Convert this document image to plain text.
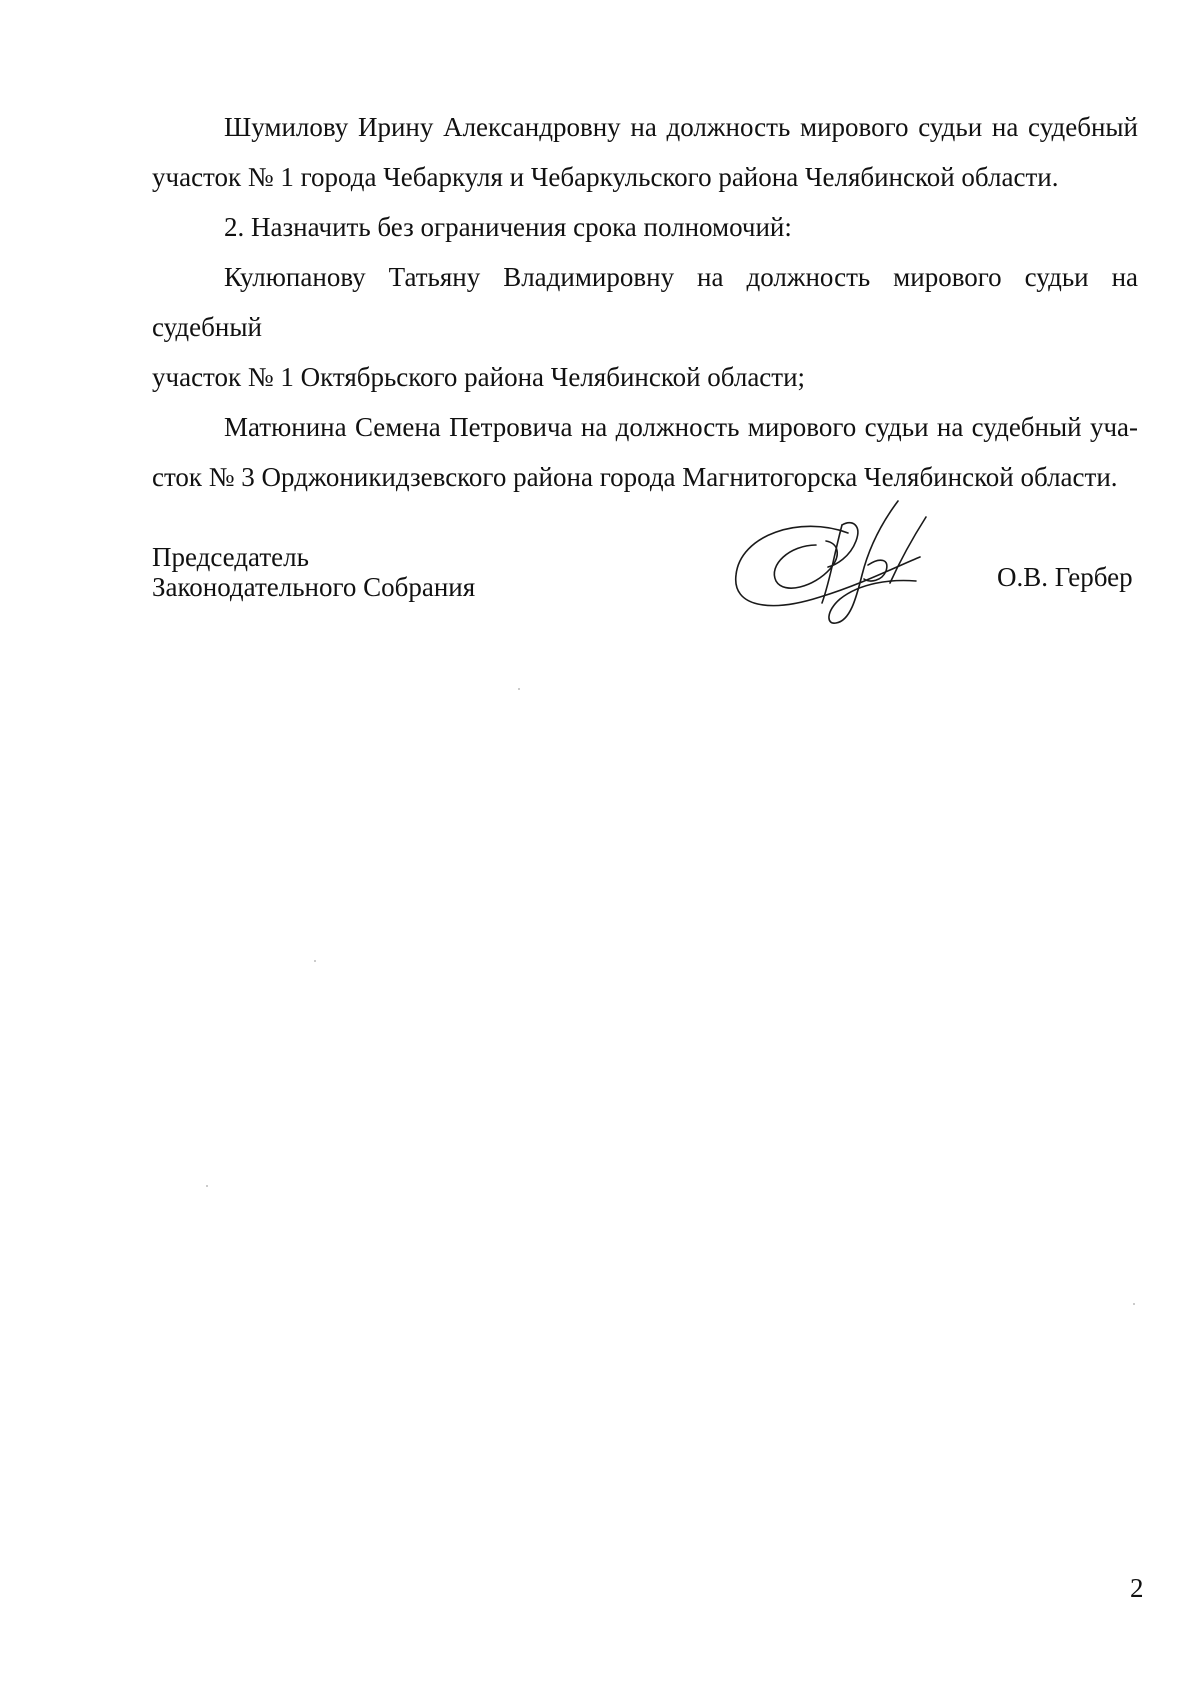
Шумилову Ирину Александровну на должность мирового судьи на судебный
участок № 1 города Чебаркуля и Чебаркульского района Челябинской области.

2. Назначить без ограничения срока полномочий:

Кулюпанову Татьяну Владимировну на должность мирового судьи на судебный
участок № 1 Октябрьского района Челябинской области;

Матюнина Семена Петровича на должность мирового судьи на судебный уча-
сток № 3 Орджоникидзевского района города Магнитогорска Челябинской области.

Председатель
Законодательного Собрания	О.В. Гербер
2
